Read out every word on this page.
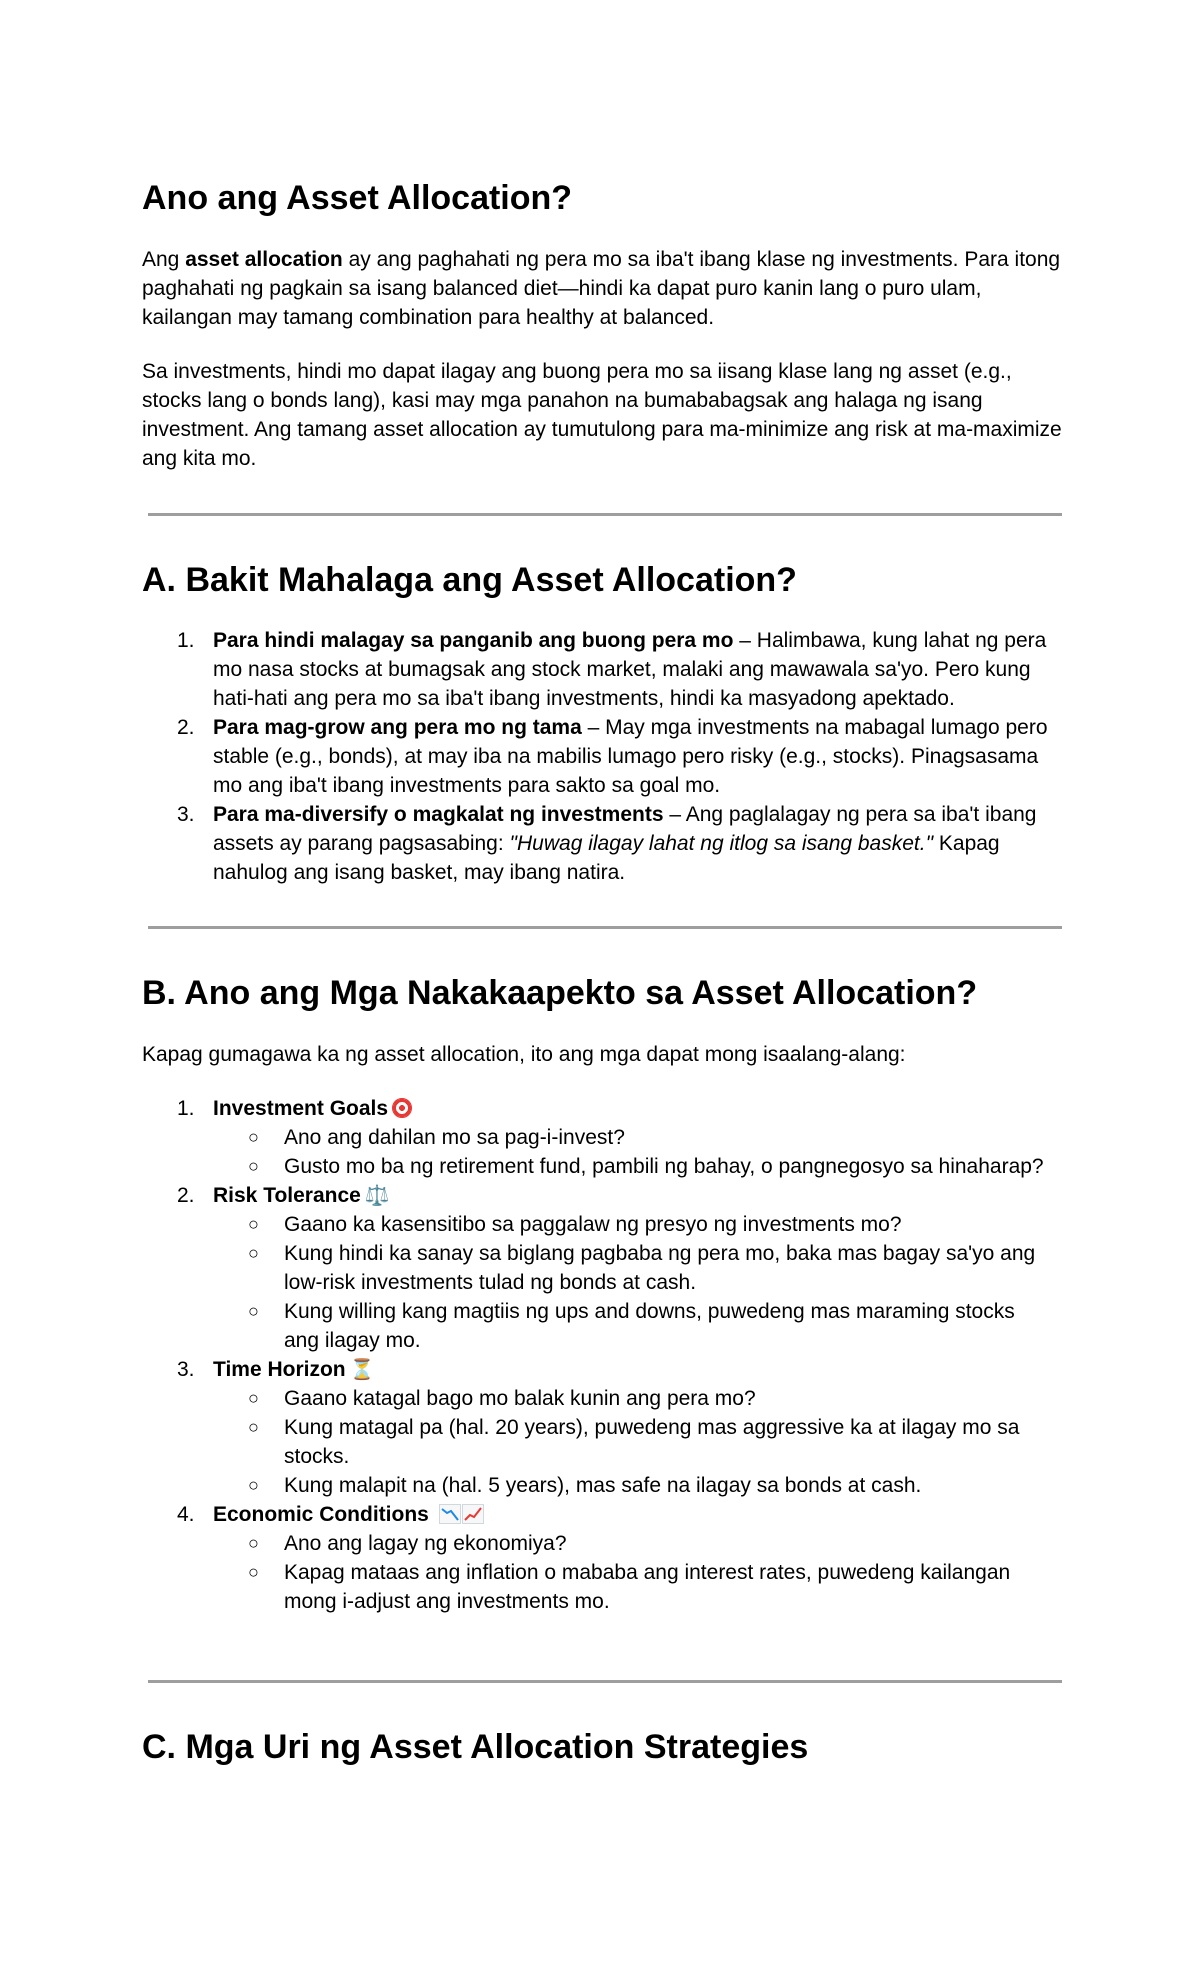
Ano ang Asset Allocation?

Ang asset allocation ay ang paghahati ng pera mo sa iba't ibang klase ng investments. Para itong paghahati ng pagkain sa isang balanced diet—hindi ka dapat puro kanin lang o puro ulam, kailangan may tamang combination para healthy at balanced.

Sa investments, hindi mo dapat ilagay ang buong pera mo sa iisang klase lang ng asset (e.g., stocks lang o bonds lang), kasi may mga panahon na bumababagsak ang halaga ng isang investment. Ang tamang asset allocation ay tumutulong para ma-minimize ang risk at ma-maximize ang kita mo.

A. Bakit Mahalaga ang Asset Allocation?
1. Para hindi malagay sa panganib ang buong pera mo – Halimbawa, kung lahat ng pera mo nasa stocks at bumagsak ang stock market, malaki ang mawawala sa'yo. Pero kung hati-hati ang pera mo sa iba't ibang investments, hindi ka masyadong apektado.
2. Para mag-grow ang pera mo ng tama – May mga investments na mabagal lumago pero stable (e.g., bonds), at may iba na mabilis lumago pero risky (e.g., stocks). Pinagsasama mo ang iba't ibang investments para sakto sa goal mo.
3. Para ma-diversify o magkalat ng investments – Ang paglalagay ng pera sa iba't ibang assets ay parang pagsasabing: "Huwag ilagay lahat ng itlog sa isang basket." Kapag nahulog ang isang basket, may ibang natira.
B. Ano ang Mga Nakakaapekto sa Asset Allocation?

Kapag gumagawa ka ng asset allocation, ito ang mga dapat mong isaalang-alang:

1. Investment Goals
○ Ano ang dahilan mo sa pag-i-invest?
○ Gusto mo ba ng retirement fund, pambili ng bahay, o pangnegosyo sa hinaharap?
2. Risk Tolerance ⚖️
○ Gaano ka kasensitibo sa paggalaw ng presyo ng investments mo?
○ Kung hindi ka sanay sa biglang pagbaba ng pera mo, baka mas bagay sa'yo ang low-risk investments tulad ng bonds at cash.
○ Kung willing kang magtiis ng ups and downs, puwedeng mas maraming stocks ang ilagay mo.
3. Time Horizon ⏳
○ Gaano katagal bago mo balak kunin ang pera mo?
○ Kung matagal pa (hal. 20 years), puwedeng mas aggressive ka at ilagay mo sa stocks.
○ Kung malapit na (hal. 5 years), mas safe na ilagay sa bonds at cash.
4. Economic Conditions
○ Ano ang lagay ng ekonomiya?
○ Kapag mataas ang inflation o mababa ang interest rates, puwedeng kailangan mong i-adjust ang investments mo.
C. Mga Uri ng Asset Allocation Strategies
